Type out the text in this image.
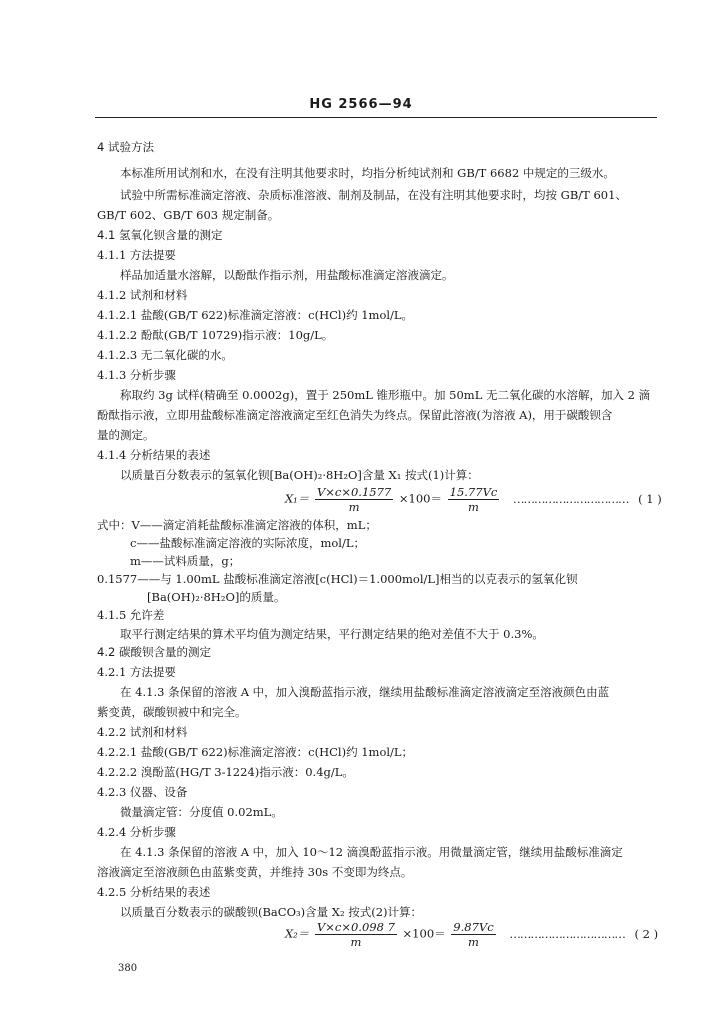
HG 2566—94
4 试验方法
本标准所用试剂和水，在没有注明其他要求时，均指分析纯试剂和 GB/T 6682 中规定的三级水。
试验中所需标准滴定溶液、杂质标准溶液、制剂及制品，在没有注明其他要求时，均按 GB/T 601、
GB/T 602、GB/T 603 规定制备。
4.1 氢氧化钡含量的测定
4.1.1 方法提要
样品加适量水溶解，以酚酞作指示剂，用盐酸标准滴定溶液滴定。
4.1.2 试剂和材料
4.1.2.1 盐酸(GB/T 622)标准滴定溶液：c(HCl)约 1mol/L。
4.1.2.2 酚酞(GB/T 10729)指示液：10g/L。
4.1.2.3 无二氧化碳的水。
4.1.3 分析步骤
称取约 3g 试样(精确至 0.0002g)，置于 250mL 锥形瓶中。加 50mL 无二氧化碳的水溶解，加入 2 滴
酚酞指示液，立即用盐酸标准滴定溶液滴定至红色消失为终点。保留此溶液(为溶液 A)，用于碳酸钡含
量的测定。
4.1.4 分析结果的表述
以质量百分数表示的氢氧化钡[Ba(OH)₂·8H₂O]含量 X₁ 按式(1)计算：
$X_1= \frac{V\times c\times 0.1577}{m} \times 100= \frac{15.77Vc}{m}$ …………………………… ( 1 )
式中：V——滴定消耗盐酸标准滴定溶液的体积，mL；
c——盐酸标准滴定溶液的实际浓度，mol/L；
m——试料质量，g；
0.1577——与 1.00mL 盐酸标准滴定溶液[c(HCl)＝1.000mol/L]相当的以克表示的氢氧化钡
[Ba(OH)₂·8H₂O]的质量。
4.1.5 允许差
取平行测定结果的算术平均值为测定结果，平行测定结果的绝对差值不大于 0.3%。
4.2 碳酸钡含量的测定
4.2.1 方法提要
在 4.1.3 条保留的溶液 A 中，加入溴酚蓝指示液，继续用盐酸标准滴定溶液滴定至溶液颜色由蓝
紫变黄，碳酸钡被中和完全。
4.2.2 试剂和材料
4.2.2.1 盐酸(GB/T 622)标准滴定溶液：c(HCl)约 1mol/L；
4.2.2.2 溴酚蓝(HG/T 3-1224)指示液：0.4g/L。
4.2.3 仪器、设备
微量滴定管：分度值 0.02mL。
4.2.4 分析步骤
在 4.1.3 条保留的溶液 A 中，加入 10～12 滴溴酚蓝指示液。用微量滴定管，继续用盐酸标准滴定
溶液滴定至溶液颜色由蓝紫变黄，并维持 30s 不变即为终点。
4.2.5 分析结果的表述
以质量百分数表示的碳酸钡(BaCO₃)含量 X₂ 按式(2)计算：
$X_2= \frac{V\times c\times 0.098 7}{m} \times 100= \frac{9.87Vc}{m}$ …………………………… ( 2 )
380
